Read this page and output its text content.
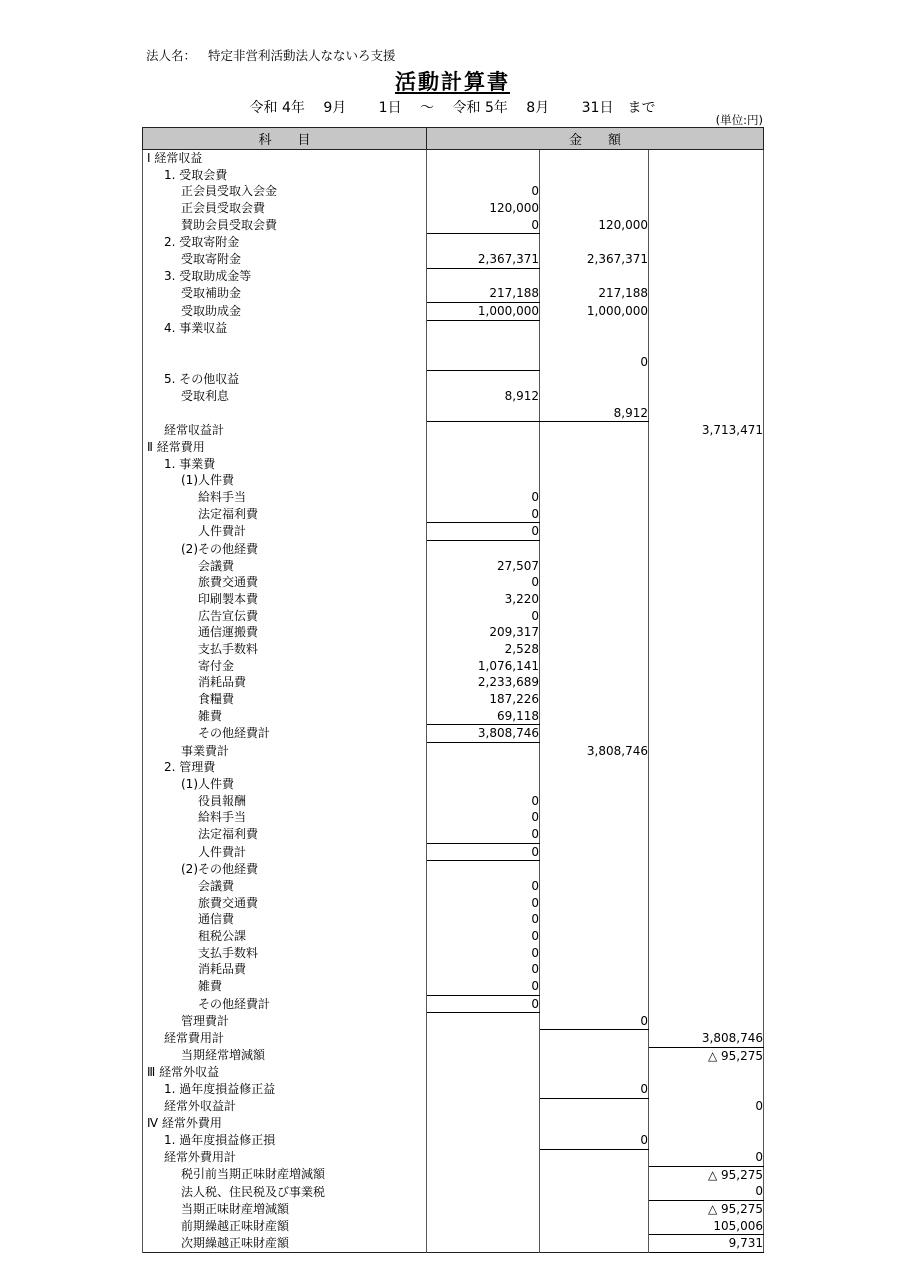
法人名： 特定非営利活動法人なないろ支援
活動計算書
令和 4年　 9月　　 1日　 ～　 令和 5年　 8月　　 31日　まで
(単位:円)
科　　目	金　　額		
Ⅰ 経常収益			
1. 受取会費			
正会員受取入会金	0		
正会員受取会費	120,000		
賛助会員受取会費	0	120,000	
2. 受取寄附金			
受取寄附金	2,367,371	2,367,371	
3. 受取助成金等			
受取補助金	217,188	217,188	
受取助成金	1,000,000	1,000,000	
4. 事業収益			

		0	
5. その他収益			
受取利息	8,912		
		8,912	
経常収益計			3,713,471
Ⅱ 経常費用			
1. 事業費			
(1)人件費			
給料手当	0		
法定福利費	0		
人件費計	0		
(2)その他経費			
会議費	27,507		
旅費交通費	0		
印刷製本費	3,220		
広告宣伝費	0		
通信運搬費	209,317		
支払手数料	2,528		
寄付金	1,076,141		
消耗品費	2,233,689		
食糧費	187,226		
雑費	69,118		
その他経費計	3,808,746		
事業費計		3,808,746	
2. 管理費			
(1)人件費			
役員報酬	0		
給料手当	0		
法定福利費	0		
人件費計	0		
(2)その他経費			
会議費	0		
旅費交通費	0		
通信費	0		
租税公課	0		
支払手数料	0		
消耗品費	0		
雑費	0		
その他経費計	0		
管理費計		0	
経常費用計			3,808,746
当期経常増減額			△ 95,275
Ⅲ 経常外収益			
1. 過年度損益修正益		0	
経常外収益計			0
Ⅳ 経常外費用			
1. 過年度損益修正損		0	
経常外費用計			0
税引前当期正味財産増減額			△ 95,275
法人税、住民税及び事業税			0
当期正味財産増減額			△ 95,275
前期繰越正味財産額			105,006
次期繰越正味財産額			9,731
